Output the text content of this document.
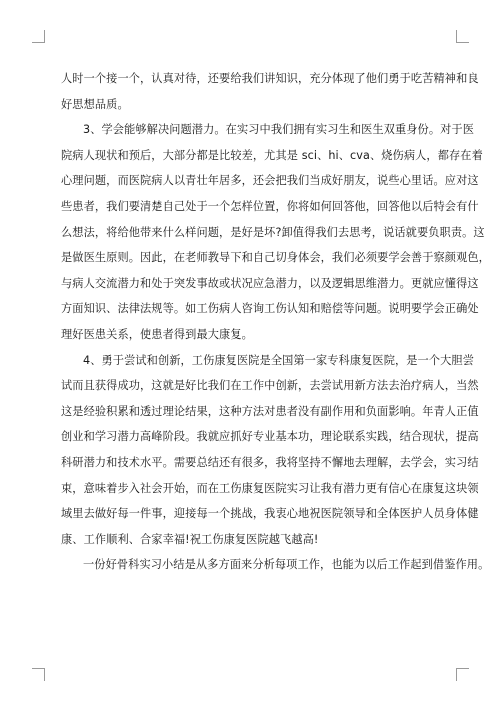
人时一个接一个，认真对待，还要给我们讲知识，充分体现了他们勇于吃苦精神和良
好思想品质。
3、学会能够解决问题潜力。在实习中我们拥有实习生和医生双重身份。对于医
院病人现状和预后，大部分都是比较差，尤其是 sci、hi、cva、烧伤病人，都存在着
心理问题，而医院病人以青壮年居多，还会把我们当成好朋友，说些心里话。应对这
些患者，我们要清楚自己处于一个怎样位置，你将如何回答他，回答他以后特会有什
么想法，将给他带来什么样问题，是好是坏?卸值得我们去思考，说话就要负职责。这
是做医生原则。因此，在老师教导下和自己切身体会，我们必须要学会善于察颜观色，
与病人交流潜力和处于突发事故或状况应急潜力，以及逻辑思维潜力。更就应懂得这
方面知识、法律法规等。如工伤病人咨询工伤认知和赔偿等问题。说明要学会正确处
理好医患关系，使患者得到最大康复。
4、勇于尝试和创新，工伤康复医院是全国第一家专科康复医院，是一个大胆尝
试而且获得成功，这就是好比我们在工作中创新，去尝试用新方法去治疗病人，当然
这是经验积累和透过理论结果，这种方法对患者没有副作用和负面影响。年青人正值
创业和学习潜力高峰阶段。我就应抓好专业基本功，理论联系实践，结合现状，提高
科研潜力和技术水平。需要总结还有很多，我将坚持不懈地去理解，去学会，实习结
束，意味着步入社会开始，而在工伤康复医院实习让我有潜力更有信心在康复这块领
域里去做好每一件事，迎接每一个挑战，我衷心地祝医院领导和全体医护人员身体健
康、工作顺利、合家幸福!祝工伤康复医院越飞越高!
一份好骨科实习小结是从多方面来分析每项工作，也能为以后工作起到借鉴作用。
